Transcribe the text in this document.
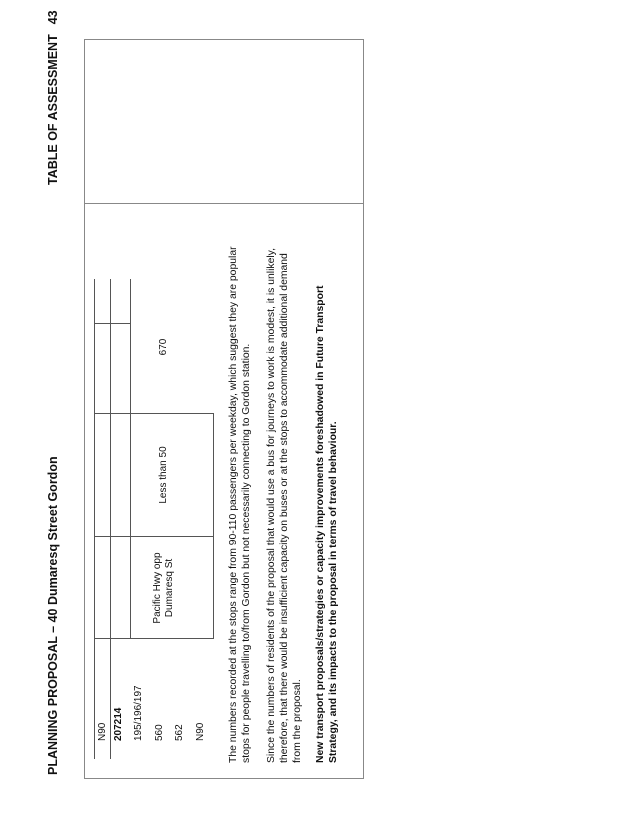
PLANNING PROPOSAL – 40 Dumaresq Street Gordon
TABLE OF ASSESSMENT43
N90 207214 195/196/197 560 562 N90
Pacific Hwy opp Dumaresq St
Less than 50
670	The numbers recorded at the stops range from 90-110 passengers per weekday, which suggest they are popular stops for people travelling to/from Gordon but not necessarily connecting to Gordon station. Since the numbers of residents of the proposal that would use a bus for journeys to work is modest, it is unlikely, therefore, that there would be insufficient capacity on buses or at the stops to accommodate additional demand from the proposal. New transport proposals/strategies or capacity improvements foreshadowed in Future Transport Strategy, and its impacts to the proposal in terms of travel behaviour.
